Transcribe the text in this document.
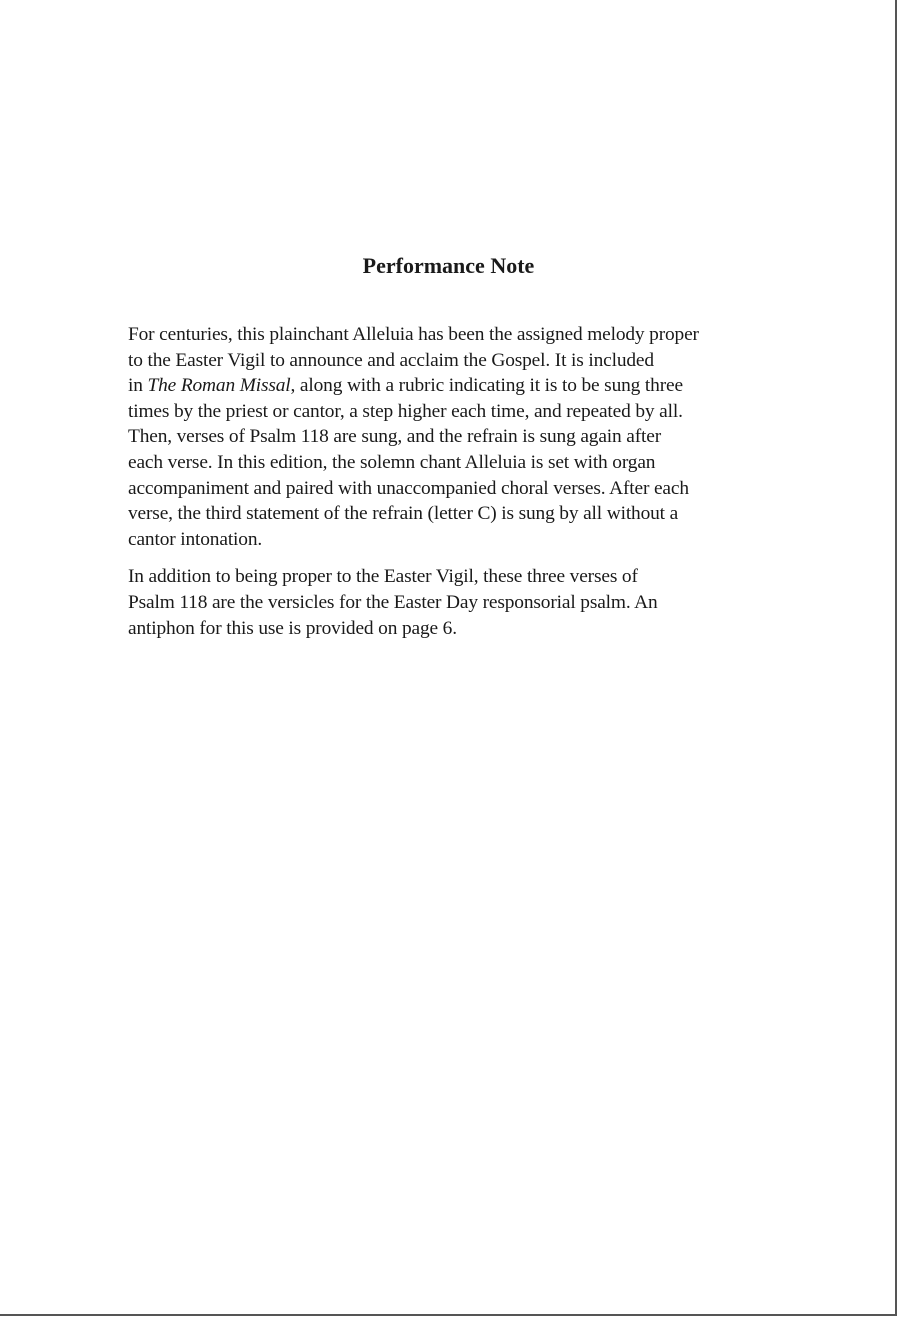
Performance Note

For centuries, this plainchant Alleluia has been the assigned melody proper
to the Easter Vigil to announce and acclaim the Gospel. It is included
in The Roman Missal, along with a rubric indicating it is to be sung three
times by the priest or cantor, a step higher each time, and repeated by all.
Then, verses of Psalm 118 are sung, and the refrain is sung again after
each verse. In this edition, the solemn chant Alleluia is set with organ
accompaniment and paired with unaccompanied choral verses. After each
verse, the third statement of the refrain (letter C) is sung by all without a
cantor intonation.

In addition to being proper to the Easter Vigil, these three verses of
Psalm 118 are the versicles for the Easter Day responsorial psalm. An
antiphon for this use is provided on page 6.
